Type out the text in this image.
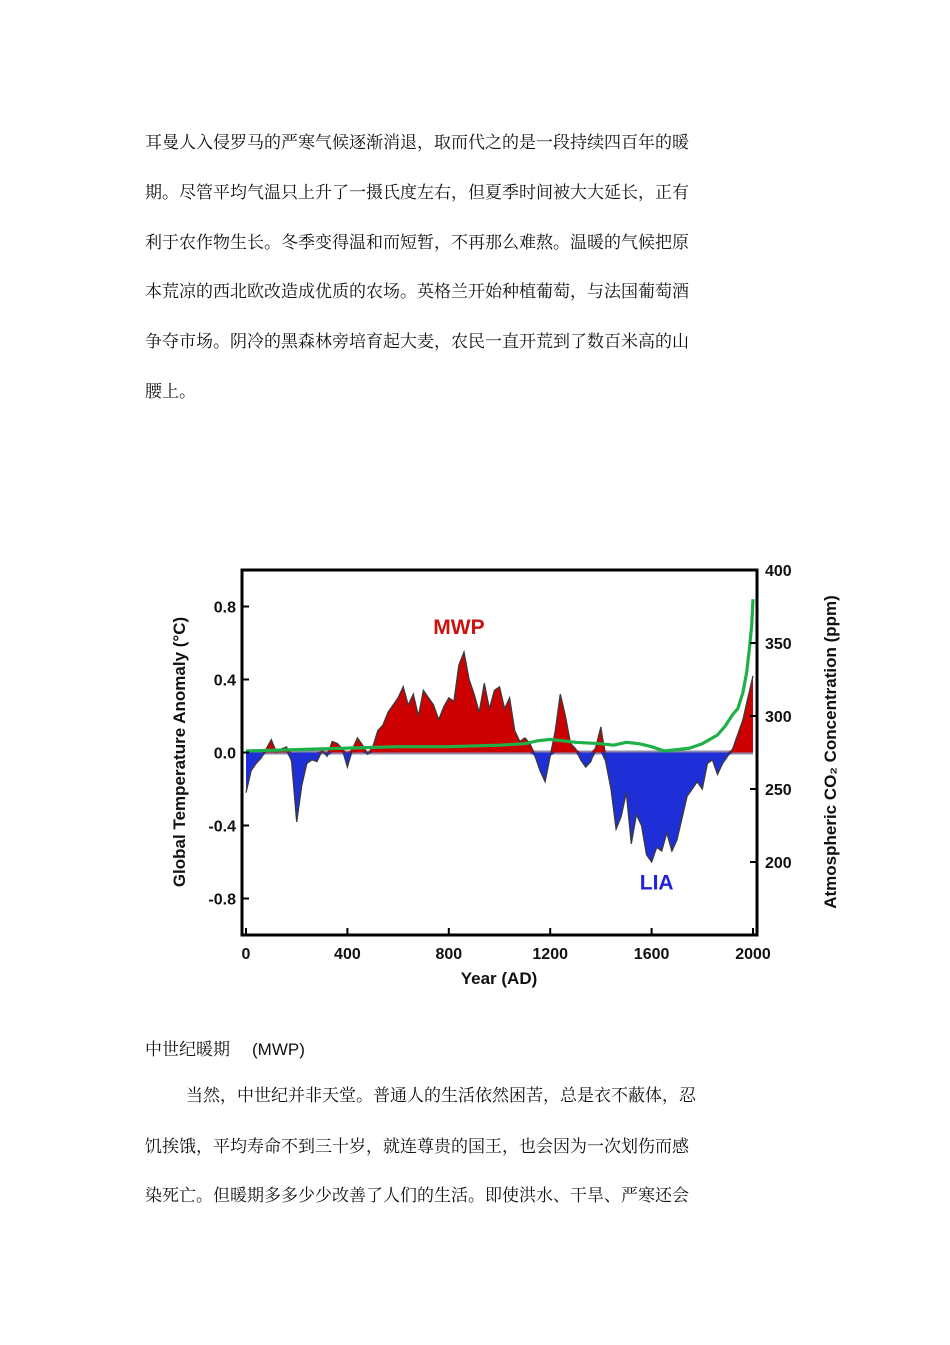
耳曼人入侵罗马的严寒气候逐渐消退，取而代之的是一段持续四百年的暖
期。尽管平均气温只上升了一摄氏度左右，但夏季时间被大大延长，正有
利于农作物生长。冬季变得温和而短暂，不再那么难熬。温暖的气候把原
本荒凉的西北欧改造成优质的农场。英格兰开始种植葡萄，与法国葡萄酒
争夺市场。阴冷的黑森林旁培育起大麦，农民一直开荒到了数百米高的山
腰上。
0	400	800	1200	1600	2000
-0.8
-0.4
0.0
0.4
0.8
200
250
300
350
400
Year (AD)
Global Temperature Anomaly (°C)	Atmospheric CO₂ Concentration (ppm)
MWP
LIA
中世纪暖期 (MWP)
当然，中世纪并非天堂。普通人的生活依然困苦，总是衣不蔽体，忍
饥挨饿，平均寿命不到三十岁，就连尊贵的国王，也会因为一次划伤而感
染死亡。但暖期多多少少改善了人们的生活。即使洪水、干旱、严寒还会
